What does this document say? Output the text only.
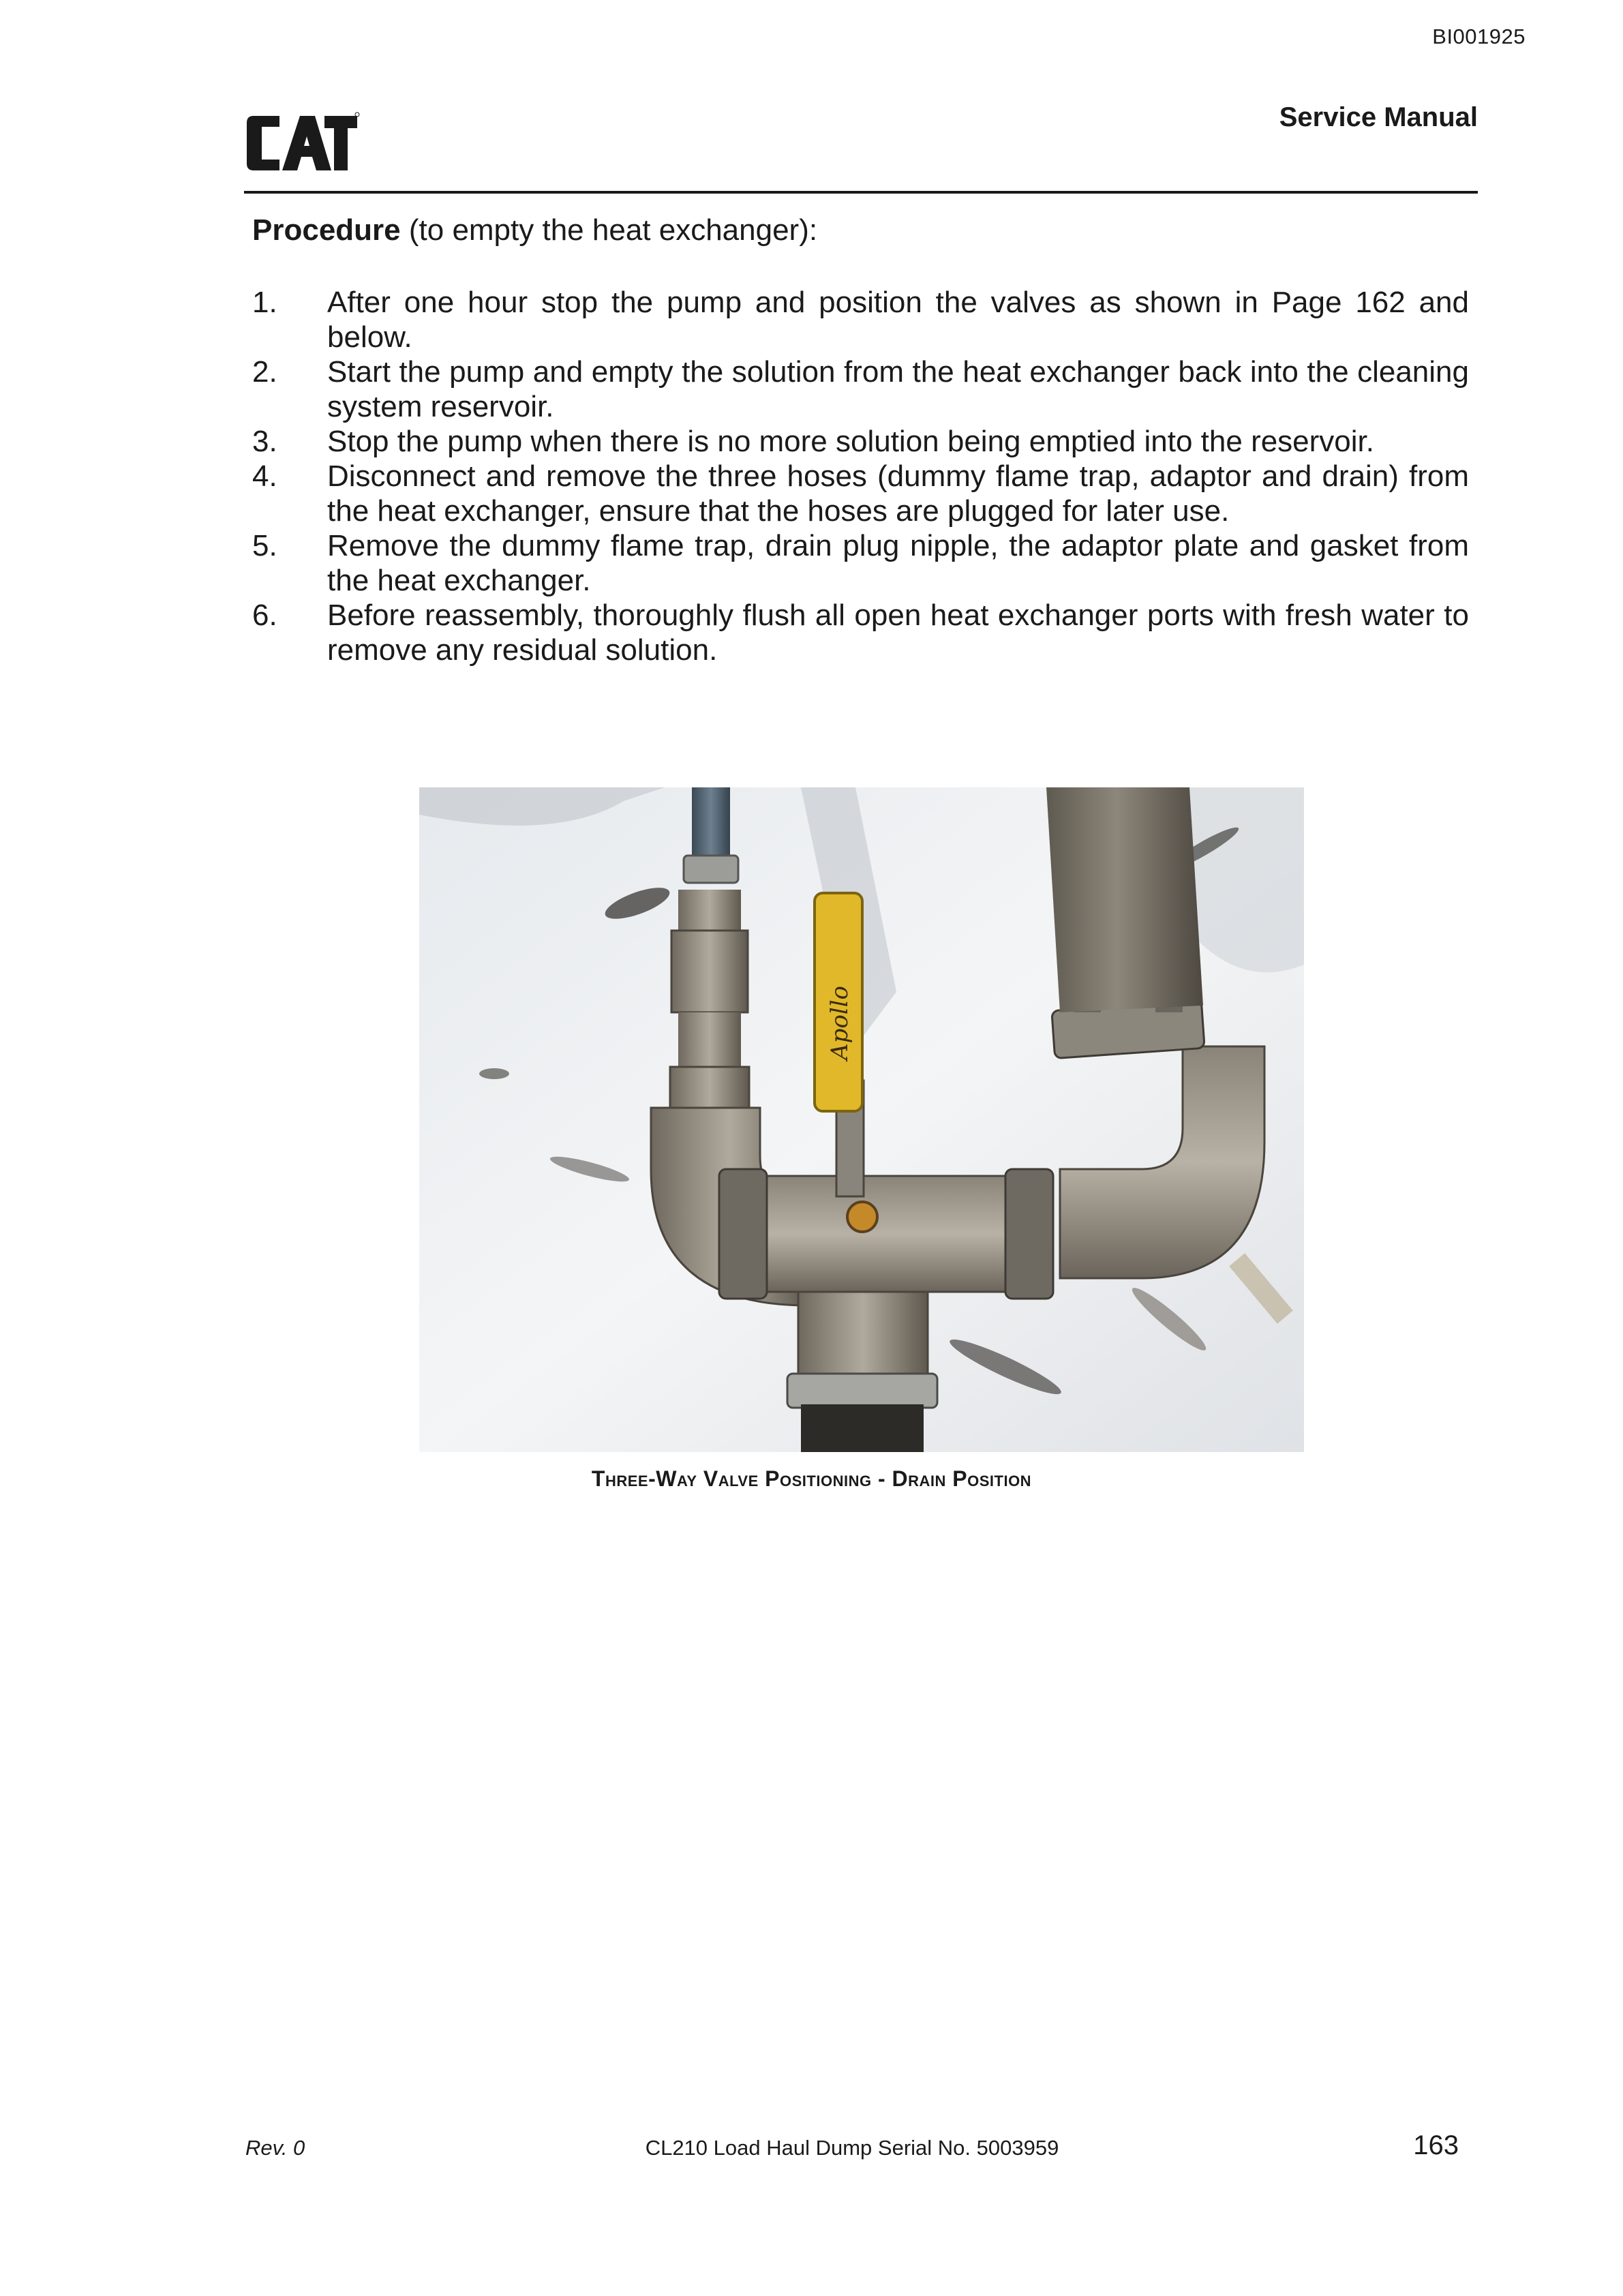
BI001925
Service Manual

Procedure (to empty the heat exchanger):

1.	After one hour stop the pump and position the valves as shown in Page 162 and below.
2.	Start the pump and empty the solution from the heat exchanger back into the cleaning system reservoir.
3.	Stop the pump when there is no more solution being emptied into the reservoir.
4.	Disconnect and remove the three hoses (dummy flame trap, adaptor and drain) from the heat exchanger, ensure that the hoses are plugged for later use.
5.	Remove the dummy flame trap, drain plug nipple, the adaptor plate and gasket from the heat exchanger.
6.	Before reassembly, thoroughly flush all open heat exchanger ports with fresh water to remove any residual solution.
Apollo
Three-Way Valve Positioning - Drain Position
Rev. 0	CL210 Load Haul Dump Serial No. 5003959	163
